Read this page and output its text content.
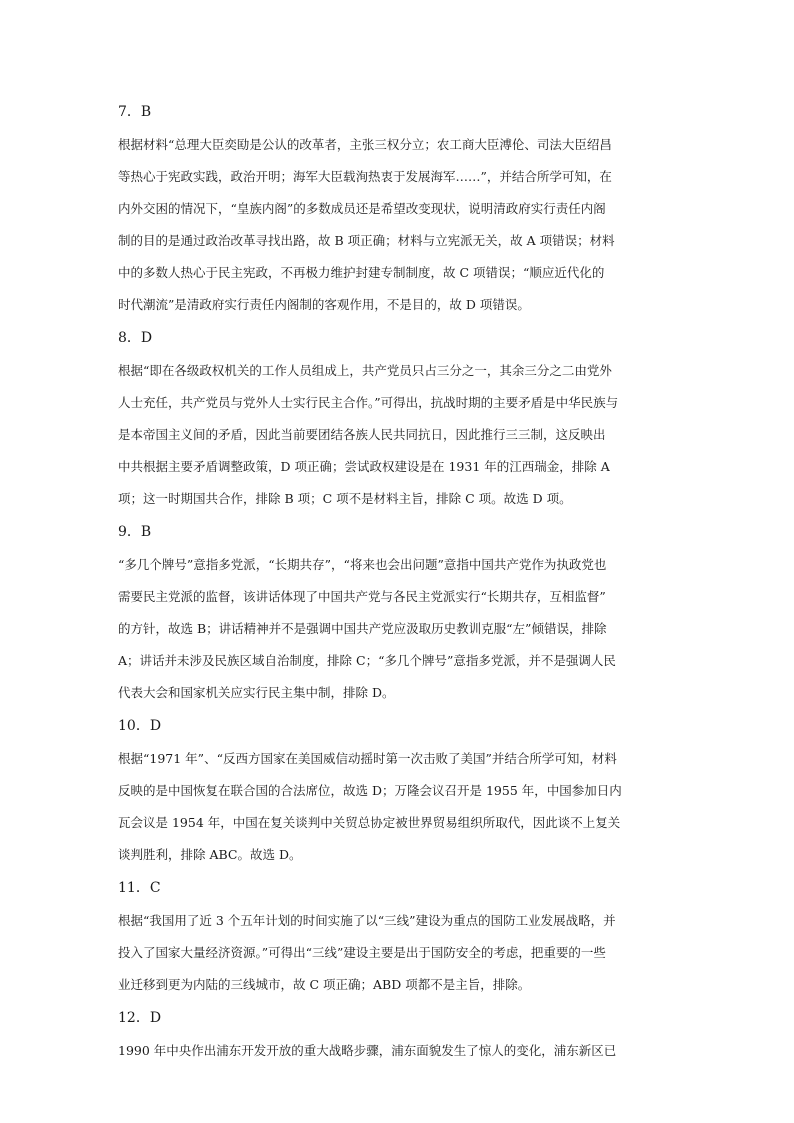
7．B
根据材料“总理大臣奕劻是公认的改革者，主张三权分立；农工商大臣溥伦、司法大臣绍昌
等热心于宪政实践，政治开明；海军大臣载洵热衷于发展海军……”，并结合所学可知，在
内外交困的情况下，“皇族内阁”的多数成员还是希望改变现状，说明清政府实行责任内阁
制的目的是通过政治改革寻找出路，故 B 项正确；材料与立宪派无关，故 A 项错误；材料
中的多数人热心于民主宪政，不再极力维护封建专制制度，故 C 项错误；“顺应近代化的
时代潮流”是清政府实行责任内阁制的客观作用，不是目的，故 D 项错误。
8．D
根据“即在各级政权机关的工作人员组成上，共产党员只占三分之一，其余三分之二由党外
人士充任，共产党员与党外人士实行民主合作。”可得出，抗战时期的主要矛盾是中华民族与
是本帝国主义间的矛盾，因此当前要团结各族人民共同抗日，因此推行三三制，这反映出
中共根据主要矛盾调整政策，D 项正确；尝试政权建设是在 1931 年的江西瑞金，排除 A
项；这一时期国共合作，排除 B 项；C 项不是材料主旨，排除 C 项。故选 D 项。
9．B
“多几个牌号”意指多党派，“长期共存”，“将来也会出问题”意指中国共产党作为执政党也
需要民主党派的监督，该讲话体现了中国共产党与各民主党派实行“长期共存，互相监督”
的方针，故选 B；讲话精神并不是强调中国共产党应汲取历史教训克服“左”倾错误，排除
A；讲话并未涉及民族区域自治制度，排除 C；“多几个牌号”意指多党派，并不是强调人民
代表大会和国家机关应实行民主集中制，排除 D。
10．D
根据“1971 年”、“反西方国家在美国威信动摇时第一次击败了美国”并结合所学可知，材料
反映的是中国恢复在联合国的合法席位，故选 D；万隆会议召开是 1955 年，中国参加日内
瓦会议是 1954 年，中国在复关谈判中关贸总协定被世界贸易组织所取代，因此谈不上复关
谈判胜利，排除 ABC。故选 D。
11．C
根据“我国用了近 3 个五年计划的时间实施了以“三线”建设为重点的国防工业发展战略，并
投入了国家大量经济资源。”可得出“三线”建设主要是出于国防安全的考虑，把重要的一些
业迁移到更为内陆的三线城市，故 C 项正确；ABD 项都不是主旨，排除。
12．D
1990 年中央作出浦东开发开放的重大战略步骤，浦东面貌发生了惊人的变化，浦东新区已
